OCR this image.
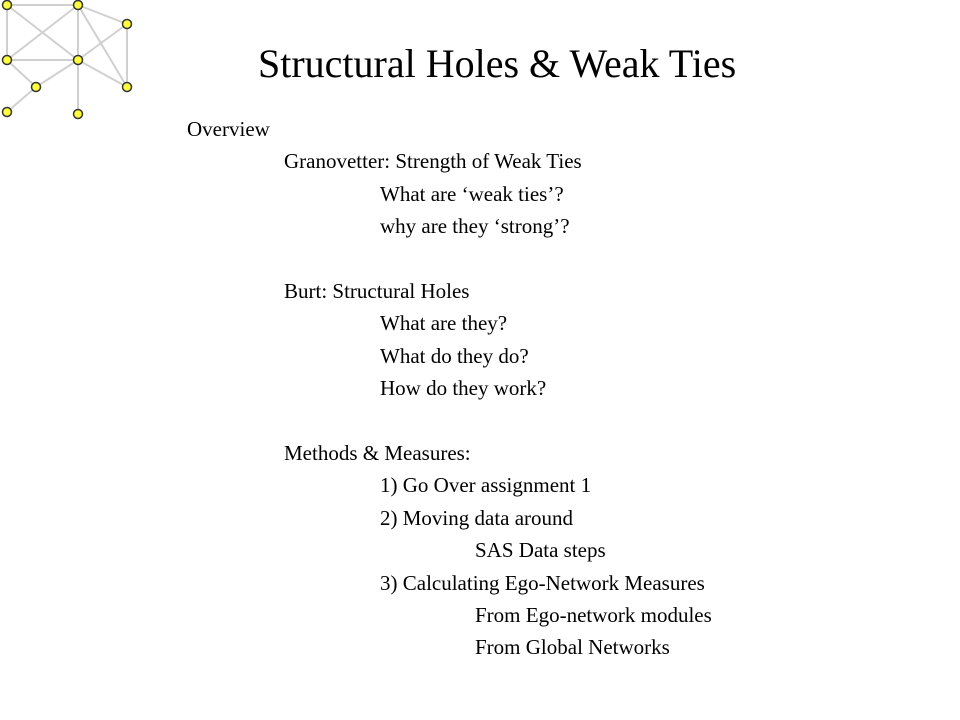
Structural Holes & Weak Ties
Overview
Granovetter: Strength of Weak Ties
What are ‘weak ties’?
why are they ‘strong’?
Burt: Structural Holes
What are they?
What do they do?
How do they work?
Methods & Measures:
1) Go Over assignment 1
2) Moving data around
SAS Data steps
3) Calculating Ego-Network Measures
From Ego-network modules
From Global Networks
